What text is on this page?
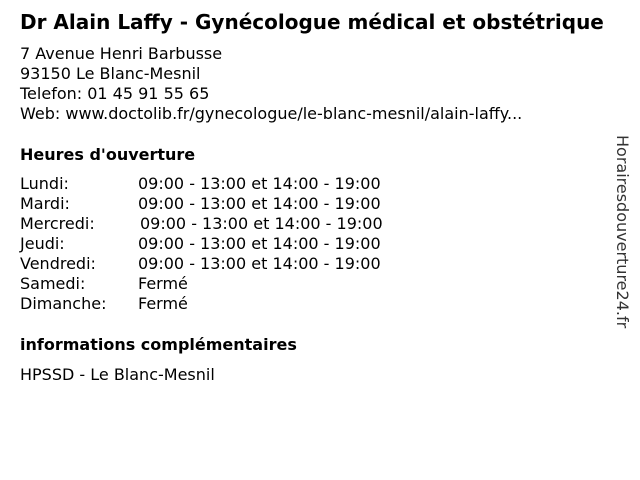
Dr Alain Laffy - Gynécologue médical et obstétrique
7 Avenue Henri Barbusse
93150 Le Blanc-Mesnil
Telefon: 01 45 91 55 65
Web: www.doctolib.fr/gynecologue/le-blanc-mesnil/alain-laffy...
Heures d'ouverture
Lundi:	09:00 - 13:00 et 14:00 - 19:00
Mardi:	09:00 - 13:00 et 14:00 - 19:00
Mercredi:	09:00 - 13:00 et 14:00 - 19:00
Jeudi:	09:00 - 13:00 et 14:00 - 19:00
Vendredi:	09:00 - 13:00 et 14:00 - 19:00
Samedi:	Fermé
Dimanche: Fermé
informations complémentaires
HPSSD - Le Blanc-Mesnil
Horairesdouverture24.fr
